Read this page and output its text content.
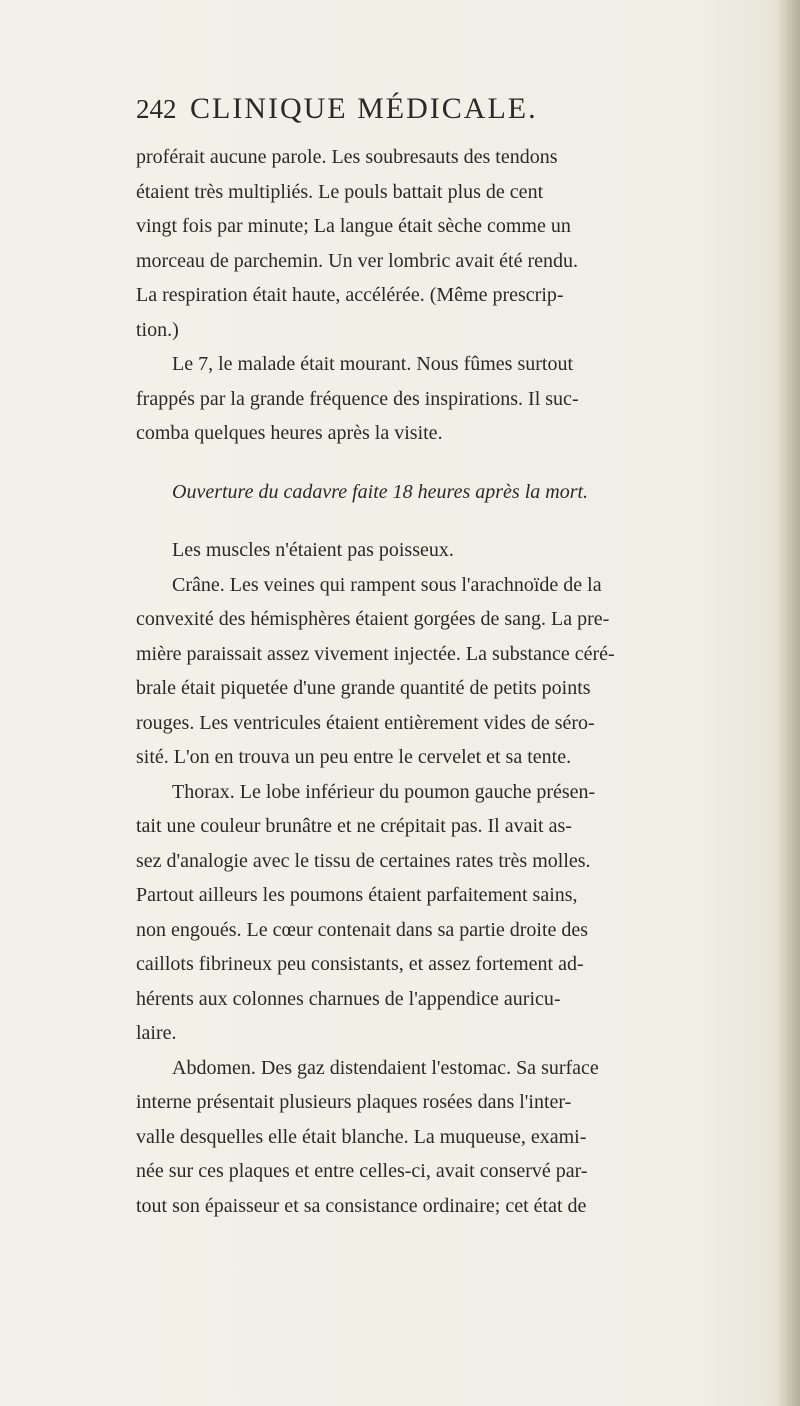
242 CLINIQUE MÉDICALE.
proférait aucune parole. Les soubresauts des tendons
étaient très multipliés. Le pouls battait plus de cent
vingt fois par minute; La langue était sèche comme un
morceau de parchemin. Un ver lombric avait été rendu.
La respiration était haute, accélérée. (Même prescrip-
tion.)
Le 7, le malade était mourant. Nous fûmes surtout
frappés par la grande fréquence des inspirations. Il suc-
comba quelques heures après la visite.
Ouverture du cadavre faite 18 heures après la mort.
Les muscles n'étaient pas poisseux.
Crâne. Les veines qui rampent sous l'arachnoïde de la
convexité des hémisphères étaient gorgées de sang. La pre-
mière paraissait assez vivement injectée. La substance céré-
brale était piquetée d'une grande quantité de petits points
rouges. Les ventricules étaient entièrement vides de séro-
sité. L'on en trouva un peu entre le cervelet et sa tente.
Thorax. Le lobe inférieur du poumon gauche présen-
tait une couleur brunâtre et ne crépitait pas. Il avait as-
sez d'analogie avec le tissu de certaines rates très molles.
Partout ailleurs les poumons étaient parfaitement sains,
non engoués. Le cœur contenait dans sa partie droite des
caillots fibrineux peu consistants, et assez fortement ad-
hérents aux colonnes charnues de l'appendice auricu-
laire.
Abdomen. Des gaz distendaient l'estomac. Sa surface
interne présentait plusieurs plaques rosées dans l'inter-
valle desquelles elle était blanche. La muqueuse, exami-
née sur ces plaques et entre celles-ci, avait conservé par-
tout son épaisseur et sa consistance ordinaire; cet état de
